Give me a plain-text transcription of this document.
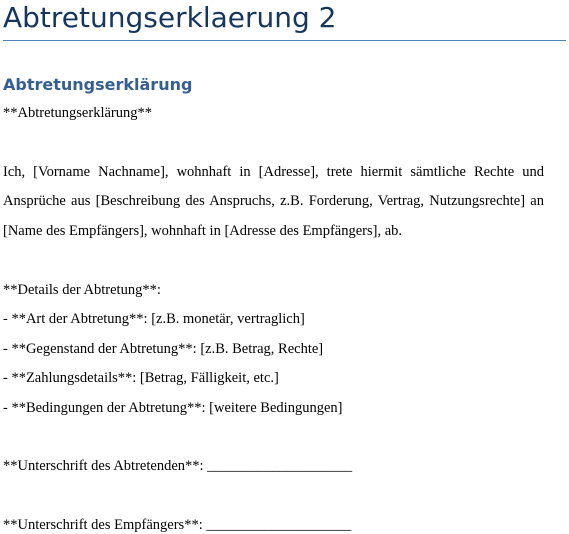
Abtretungserklaerung 2
Abtretungserklärung

**Abtretungserklärung**

Ich, [Vorname Nachname], wohnhaft in [Adresse], trete hiermit sämtliche Rechte und

Ansprüche aus [Beschreibung des Anspruchs, z.B. Forderung, Vertrag, Nutzungsrechte] an

[Name des Empfängers], wohnhaft in [Adresse des Empfängers], ab.

**Details der Abtretung**:

- **Art der Abtretung**: [z.B. monetär, vertraglich]

- **Gegenstand der Abtretung**: [z.B. Betrag, Rechte]

- **Zahlungsdetails**: [Betrag, Fälligkeit, etc.]

- **Bedingungen der Abtretung**: [weitere Bedingungen]

**Unterschrift des Abtretenden**: ____________________

**Unterschrift des Empfängers**: ____________________
